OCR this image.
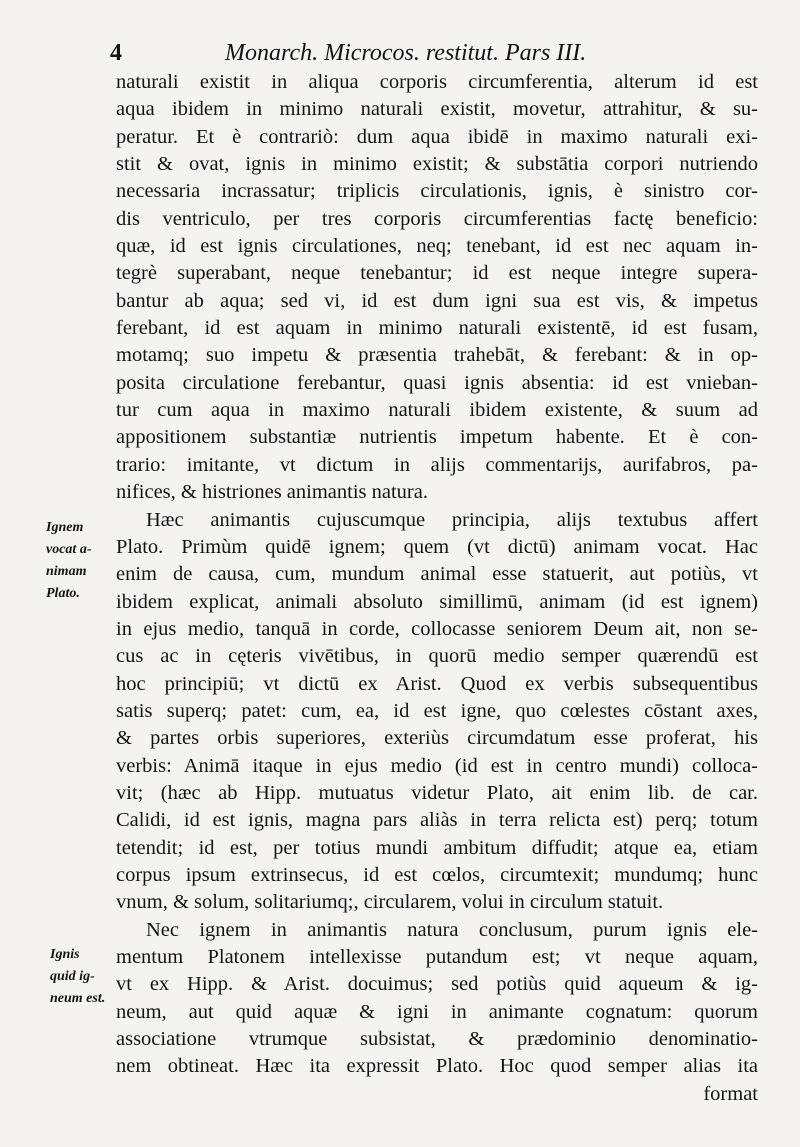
4	Monarch. Microcos. restitut. Pars III.
Ignem
vocat a-
nimam
Plato.
Ignis
quid ig-
neum est.
naturali existit in aliqua corporis circumferentia, alterum id est
aqua ibidem in minimo naturali existit, movetur, attrahitur, & su-
peratur. Et è contrariò: dum aqua ibidē in maximo naturali exi-
stit & ovat, ignis in minimo existit; & substātia corpori nutriendo
necessaria incrassatur; triplicis circulationis, ignis, è sinistro cor-
dis ventriculo, per tres corporis circumferentias factę beneficio:
quæ, id est ignis circulationes, neq; tenebant, id est nec aquam in-
tegrè superabant, neque tenebantur; id est neque integre supera-
bantur ab aqua; sed vi, id est dum igni sua est vis, & impetus
ferebant, id est aquam in minimo naturali existentē, id est fusam,
motamq; suo impetu & præsentia trahebāt, & ferebant: & in op-
posita circulatione ferebantur, quasi ignis absentia: id est vnieban-
tur cum aqua in maximo naturali ibidem existente, & suum ad
appositionem substantiæ nutrientis impetum habente. Et è con-
trario: imitante, vt dictum in alijs commentarijs, aurifabros, pa-
nifices, & histriones animantis natura.
Hæc animantis cujuscumque principia, alijs textubus affert
Plato. Primùm quidē ignem; quem (vt dictū) animam vocat. Hac
enim de causa, cum, mundum animal esse statuerit, aut potiùs, vt
ibidem explicat, animali absoluto simillimū, animam (id est ignem)
in ejus medio, tanquā in corde, collocasse seniorem Deum ait, non se-
cus ac in cęteris vivētibus, in quorū medio semper quærendū est
hoc principiū; vt dictū ex Arist. Quod ex verbis subsequentibus
satis superq; patet: cum, ea, id est igne, quo cœlestes cōstant axes,
& partes orbis superiores, exteriùs circumdatum esse proferat, his
verbis: Animā itaque in ejus medio (id est in centro mundi) colloca-
vit; (hæc ab Hipp. mutuatus videtur Plato, ait enim lib. de car.
Calidi, id est ignis, magna pars aliàs in terra relicta est) perq; totum
tetendit; id est, per totius mundi ambitum diffudit; atque ea, etiam
corpus ipsum extrinsecus, id est cœlos, circumtexit; mundumq; hunc
vnum, & solum, solitariumq;, circularem, volui in circulum statuit.
Nec ignem in animantis natura conclusum, purum ignis ele-
mentum Platonem intellexisse putandum est; vt neque aquam,
vt ex Hipp. & Arist. docuimus; sed potiùs quid aqueum & ig-
neum, aut quid aquæ & igni in animante cognatum: quorum
associatione vtrumque subsistat, & prædominio denominatio-
nem obtineat. Hæc ita expressit Plato. Hoc quod semper alias ita
format
